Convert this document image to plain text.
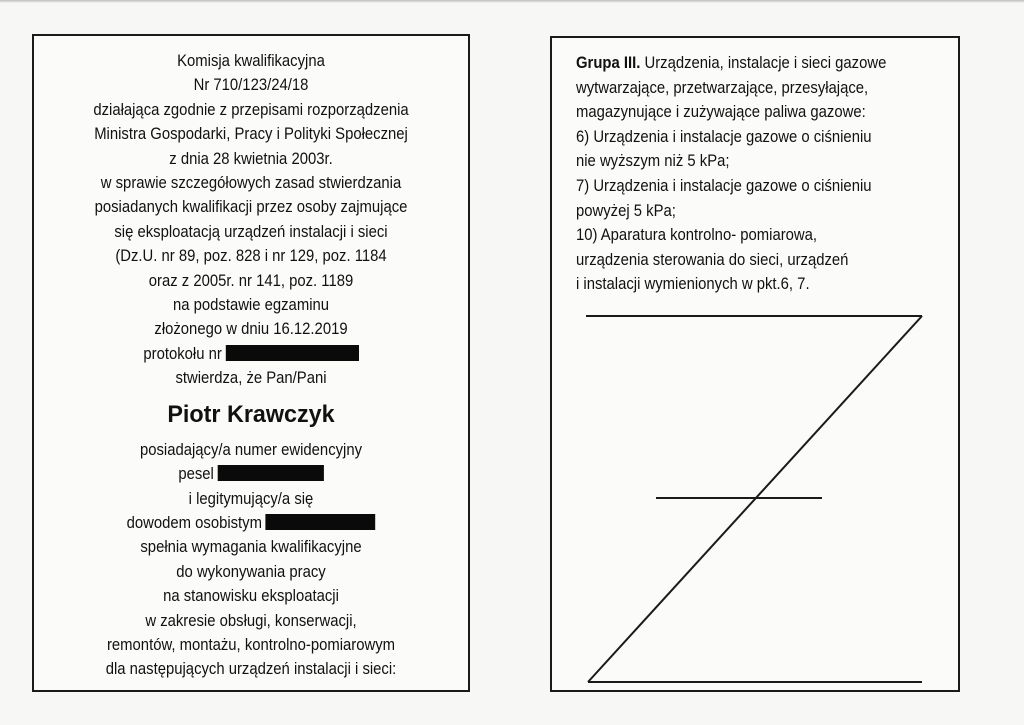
Komisja kwalifikacyjna
Nr 710/123/24/18
działająca zgodnie z przepisami rozporządzenia
Ministra Gospodarki, Pracy i Polityki Społecznej
z dnia 28 kwietnia 2003r.
w sprawie szczegółowych zasad stwierdzania
posiadanych kwalifikacji przez osoby zajmujące
się eksploatacją urządzeń instalacji i sieci
(Dz.U. nr 89, poz. 828 i nr 129, poz. 1184
oraz z 2005r. nr 141, poz. 1189
na podstawie egzaminu
złożonego w dniu 16.12.2019
protokołu nr
stwierdza, że Pan/Pani
Piotr Krawczyk
posiadający/a numer ewidencyjny
pesel
i legitymujący/a się
dowodem osobistym
spełnia wymagania kwalifikacyjne
do wykonywania pracy
na stanowisku eksploatacji
w zakresie obsługi, konserwacji,
remontów, montażu, kontrolno-pomiarowym
dla następujących urządzeń instalacji i sieci:
Grupa III. Urządzenia, instalacje i sieci gazowe
wytwarzające, przetwarzające, przesyłające,
magazynujące i zużywające paliwa gazowe:
6) Urządzenia i instalacje gazowe o ciśnieniu
nie wyższym niż 5 kPa;
7) Urządzenia i instalacje gazowe o ciśnieniu
powyżej 5 kPa;
10) Aparatura kontrolno- pomiarowa,
urządzenia sterowania do sieci, urządzeń
i instalacji wymienionych w pkt.6, 7.
